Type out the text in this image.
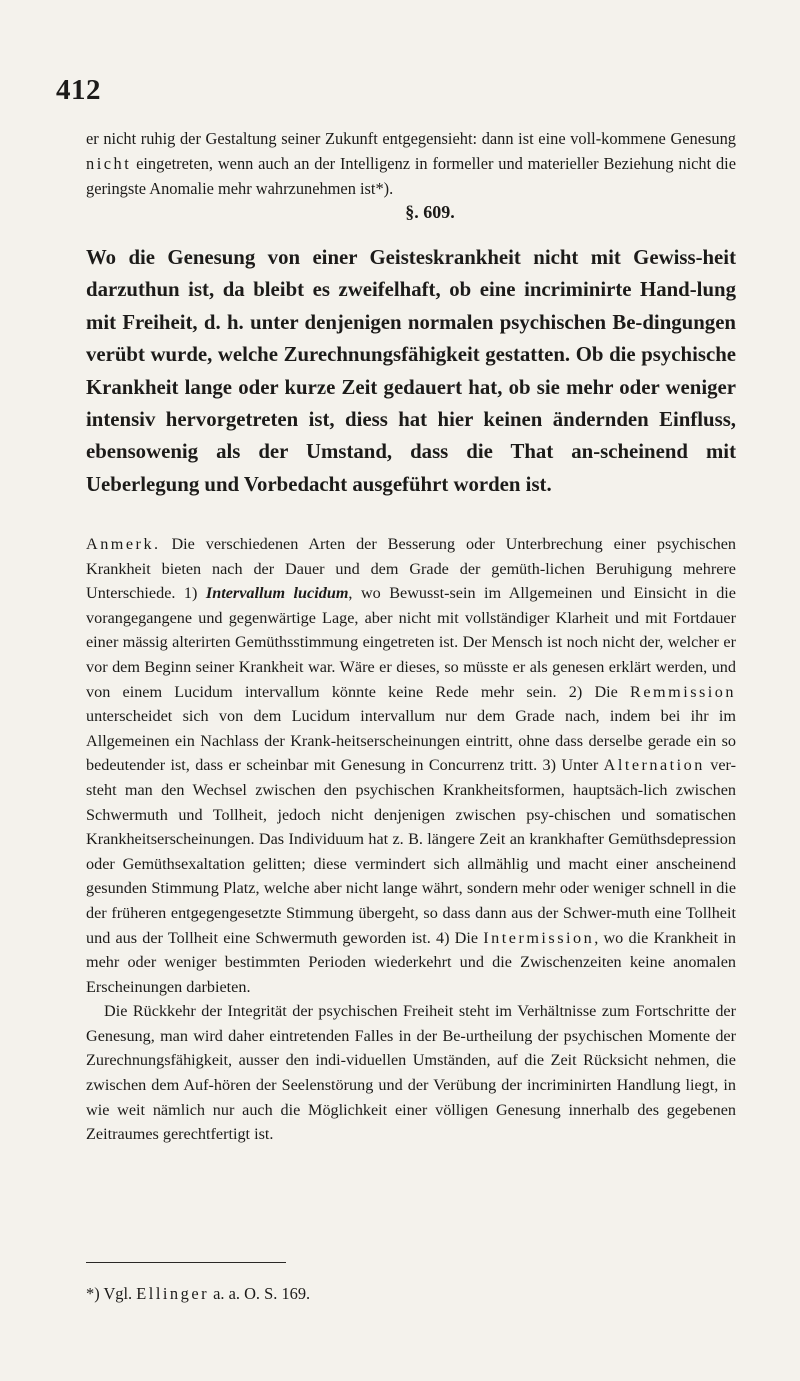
412
er nicht ruhig der Gestaltung seiner Zukunft entgegensieht: dann ist eine voll-kommene Genesung nicht eingetreten, wenn auch an der Intelligenz in formeller und materieller Beziehung nicht die geringste Anomalie mehr wahrzunehmen ist*).
§. 609.
Wo die Genesung von einer Geisteskrankheit nicht mit Gewiss-heit darzuthun ist, da bleibt es zweifelhaft, ob eine incriminirte Hand-lung mit Freiheit, d. h. unter denjenigen normalen psychischen Be-dingungen verübt wurde, welche Zurechnungsfähigkeit gestatten. Ob die psychische Krankheit lange oder kurze Zeit gedauert hat, ob sie mehr oder weniger intensiv hervorgetreten ist, diess hat hier keinen ändernden Einfluss, ebensowenig als der Umstand, dass die That an-scheinend mit Ueberlegung und Vorbedacht ausgeführt worden ist.

Anmerk. Die verschiedenen Arten der Besserung oder Unterbrechung einer psychischen Krankheit bieten nach der Dauer und dem Grade der gemüth-lichen Beruhigung mehrere Unterschiede. 1) Intervallum lucidum, wo Bewusst-sein im Allgemeinen und Einsicht in die vorangegangene und gegenwärtige Lage, aber nicht mit vollständiger Klarheit und mit Fortdauer einer mässig alterirten Gemüthsstimmung eingetreten ist. Der Mensch ist noch nicht der, welcher er vor dem Beginn seiner Krankheit war. Wäre er dieses, so müsste er als genesen erklärt werden, und von einem Lucidum intervallum könnte keine Rede mehr sein. 2) Die Remmission unterscheidet sich von dem Lucidum intervallum nur dem Grade nach, indem bei ihr im Allgemeinen ein Nachlass der Krank-heitserscheinungen eintritt, ohne dass derselbe gerade ein so bedeutender ist, dass er scheinbar mit Genesung in Concurrenz tritt. 3) Unter Alternation ver-steht man den Wechsel zwischen den psychischen Krankheitsformen, hauptsäch-lich zwischen Schwermuth und Tollheit, jedoch nicht denjenigen zwischen psy-chischen und somatischen Krankheitserscheinungen. Das Individuum hat z. B. längere Zeit an krankhafter Gemüthsdepression oder Gemüthsexaltation gelitten; diese vermindert sich allmählig und macht einer anscheinend gesunden Stimmung Platz, welche aber nicht lange währt, sondern mehr oder weniger schnell in die der früheren entgegengesetzte Stimmung übergeht, so dass dann aus der Schwer-muth eine Tollheit und aus der Tollheit eine Schwermuth geworden ist. 4) Die Intermission, wo die Krankheit in mehr oder weniger bestimmten Perioden wiederkehrt und die Zwischenzeiten keine anomalen Erscheinungen darbieten.

Die Rückkehr der Integrität der psychischen Freiheit steht im Verhältnisse zum Fortschritte der Genesung, man wird daher eintretenden Falles in der Be-urtheilung der psychischen Momente der Zurechnungsfähigkeit, ausser den indi-viduellen Umständen, auf die Zeit Rücksicht nehmen, die zwischen dem Auf-hören der Seelenstörung und der Verübung der incriminirten Handlung liegt, in wie weit nämlich nur auch die Möglichkeit einer völligen Genesung innerhalb des gegebenen Zeitraumes gerechtfertigt ist.

*) Vgl. Ellinger a. a. O. S. 169.
